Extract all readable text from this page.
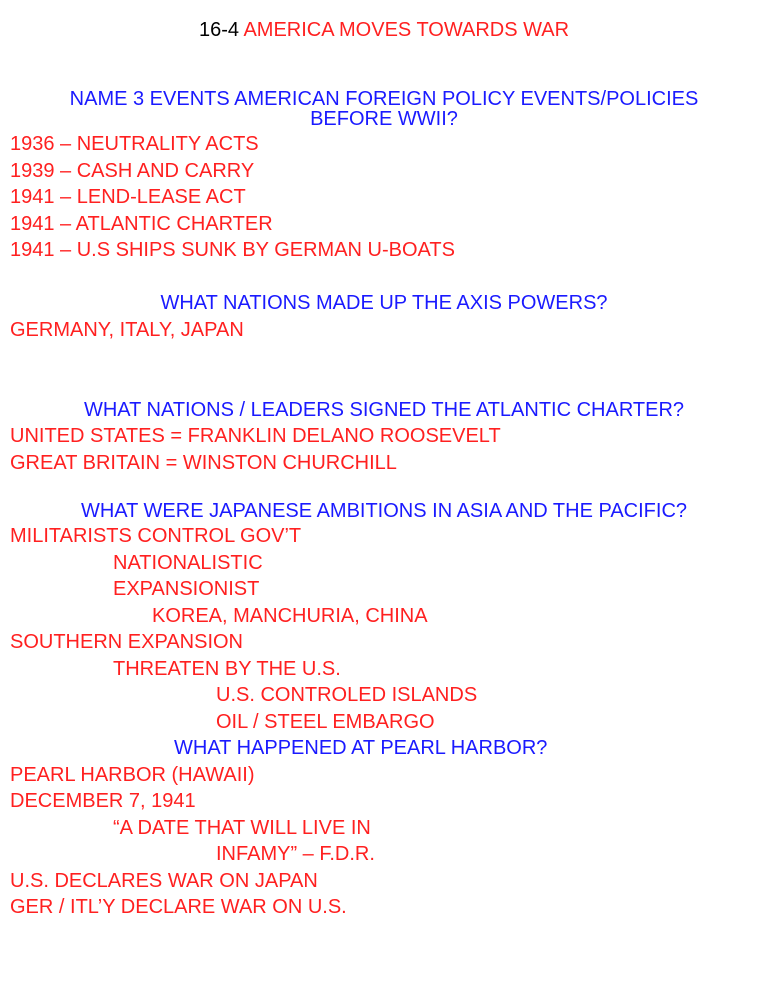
16-4 AMERICA MOVES TOWARDS WAR
NAME 3 EVENTS AMERICAN FOREIGN POLICY EVENTS/POLICIES
BEFORE WWII?
1936 – NEUTRALITY ACTS
1939 – CASH AND CARRY
1941 – LEND-LEASE ACT
1941 – ATLANTIC CHARTER
1941 – U.S SHIPS SUNK BY GERMAN U-BOATS
WHAT NATIONS MADE UP THE AXIS POWERS?
GERMANY, ITALY, JAPAN
WHAT NATIONS / LEADERS SIGNED THE ATLANTIC CHARTER?
UNITED STATES = FRANKLIN DELANO ROOSEVELT
GREAT BRITAIN = WINSTON CHURCHILL
WHAT WERE JAPANESE AMBITIONS IN ASIA AND THE PACIFIC?
MILITARISTS CONTROL GOV’T
NATIONALISTIC
EXPANSIONIST
KOREA, MANCHURIA, CHINA
SOUTHERN EXPANSION
THREATEN BY THE U.S.
U.S. CONTROLED ISLANDS
OIL / STEEL EMBARGO
WHAT HAPPENED AT PEARL HARBOR?
PEARL HARBOR (HAWAII)
DECEMBER 7, 1941
“A DATE THAT WILL LIVE IN
INFAMY” – F.D.R.
U.S. DECLARES WAR ON JAPAN
GER / ITL’Y DECLARE WAR ON U.S.
